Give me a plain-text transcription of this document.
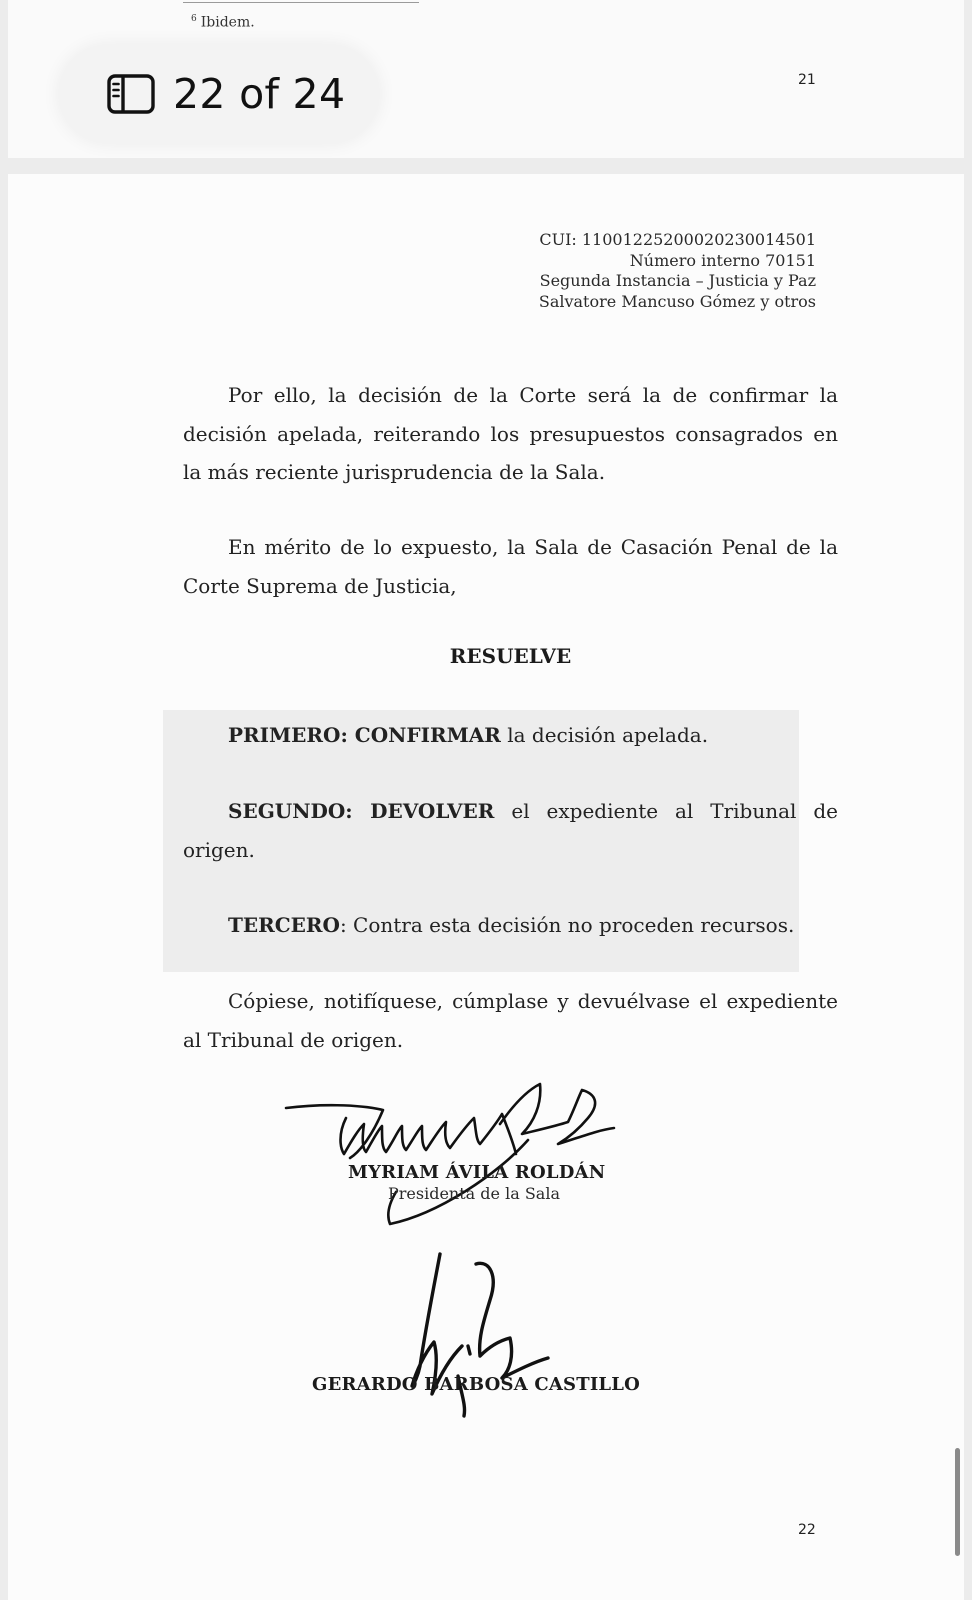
$^6$ Ibidem.
21
22 of 24
CUI: 11001225200020230014501
Número interno 70151
Segunda Instancia – Justicia y Paz
Salvatore Mancuso Gómez y otros
Por ello, la decisión de la Corte será la de confirmar la decisión apelada, reiterando los presupuestos consagrados en la más reciente jurisprudencia de la Sala.
En mérito de lo expuesto, la Sala de Casación Penal de la Corte Suprema de Justicia,
RESUELVE
PRIMERO: CONFIRMAR la decisión apelada.
SEGUNDO: DEVOLVER el expediente al Tribunal de origen.
TERCERO: Contra esta decisión no proceden recursos.
Cópiese, notifíquese, cúmplase y devuélvase el expediente al Tribunal de origen.
MYRIAM ÁVILA ROLDÁN
Presidenta de la Sala
GERARDO BARBOSA CASTILLO
22
